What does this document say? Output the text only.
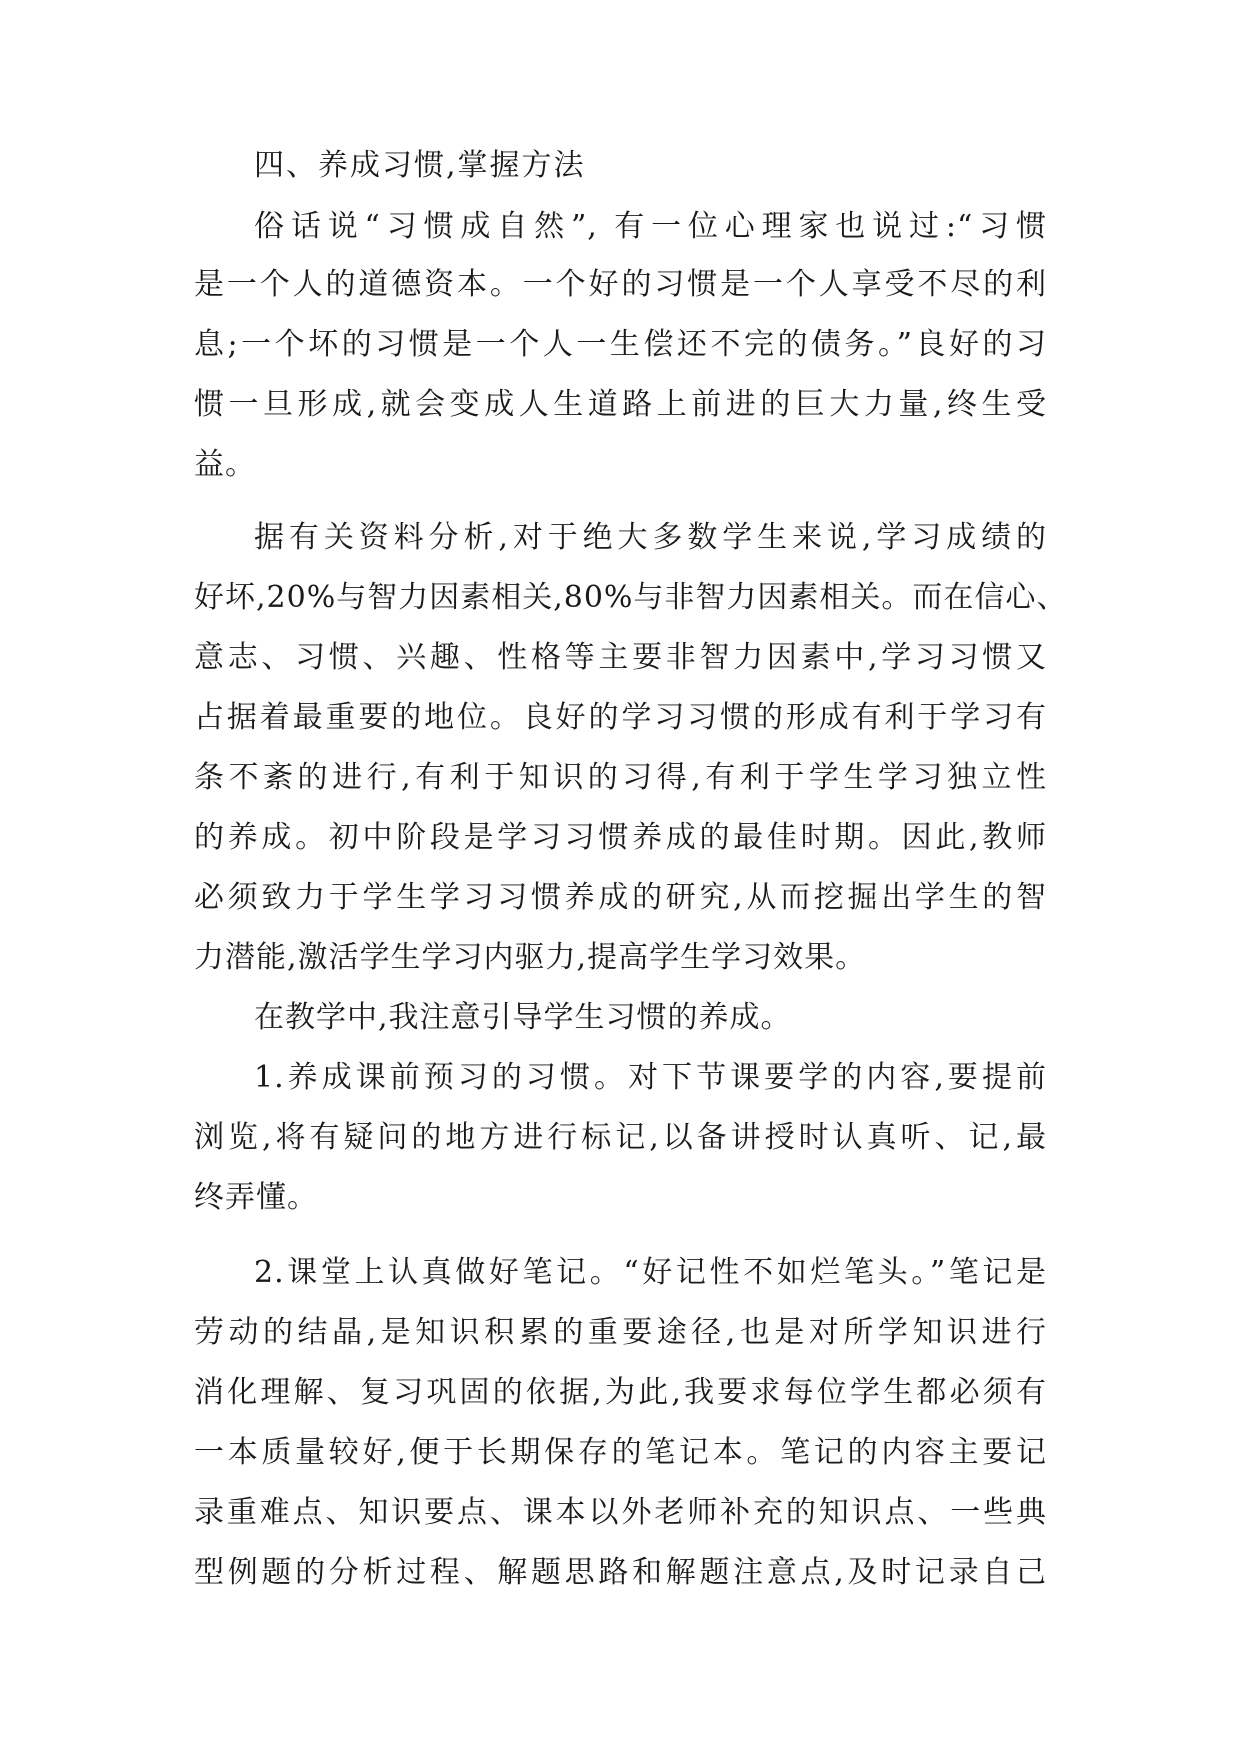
四、养成习惯,掌握方法
俗话说“习惯成自然”, 有一位心理家也说过:“习惯
是一个人的道德资本。一个好的习惯是一个人享受不尽的利
息;一个坏的习惯是一个人一生偿还不完的债务。”良好的习
惯一旦形成,就会变成人生道路上前进的巨大力量,终生受
益。
据有关资料分析,对于绝大多数学生来说,学习成绩的
好坏,20%与智力因素相关,80%与非智力因素相关。而在信心、
意志、习惯、兴趣、性格等主要非智力因素中,学习习惯又
占据着最重要的地位。良好的学习习惯的形成有利于学习有
条不紊的进行,有利于知识的习得,有利于学生学习独立性
的养成。初中阶段是学习习惯养成的最佳时期。因此,教师
必须致力于学生学习习惯养成的研究,从而挖掘出学生的智
力潜能,激活学生学习内驱力,提高学生学习效果。
在教学中,我注意引导学生习惯的养成。
1.养成课前预习的习惯。对下节课要学的内容,要提前
浏览,将有疑问的地方进行标记,以备讲授时认真听、记,最
终弄懂。
2.课堂上认真做好笔记。“好记性不如烂笔头。”笔记是
劳动的结晶,是知识积累的重要途径,也是对所学知识进行
消化理解、复习巩固的依据,为此,我要求每位学生都必须有
一本质量较好,便于长期保存的笔记本。笔记的内容主要记
录重难点、知识要点、课本以外老师补充的知识点、一些典
型例题的分析过程、解题思路和解题注意点,及时记录自己
